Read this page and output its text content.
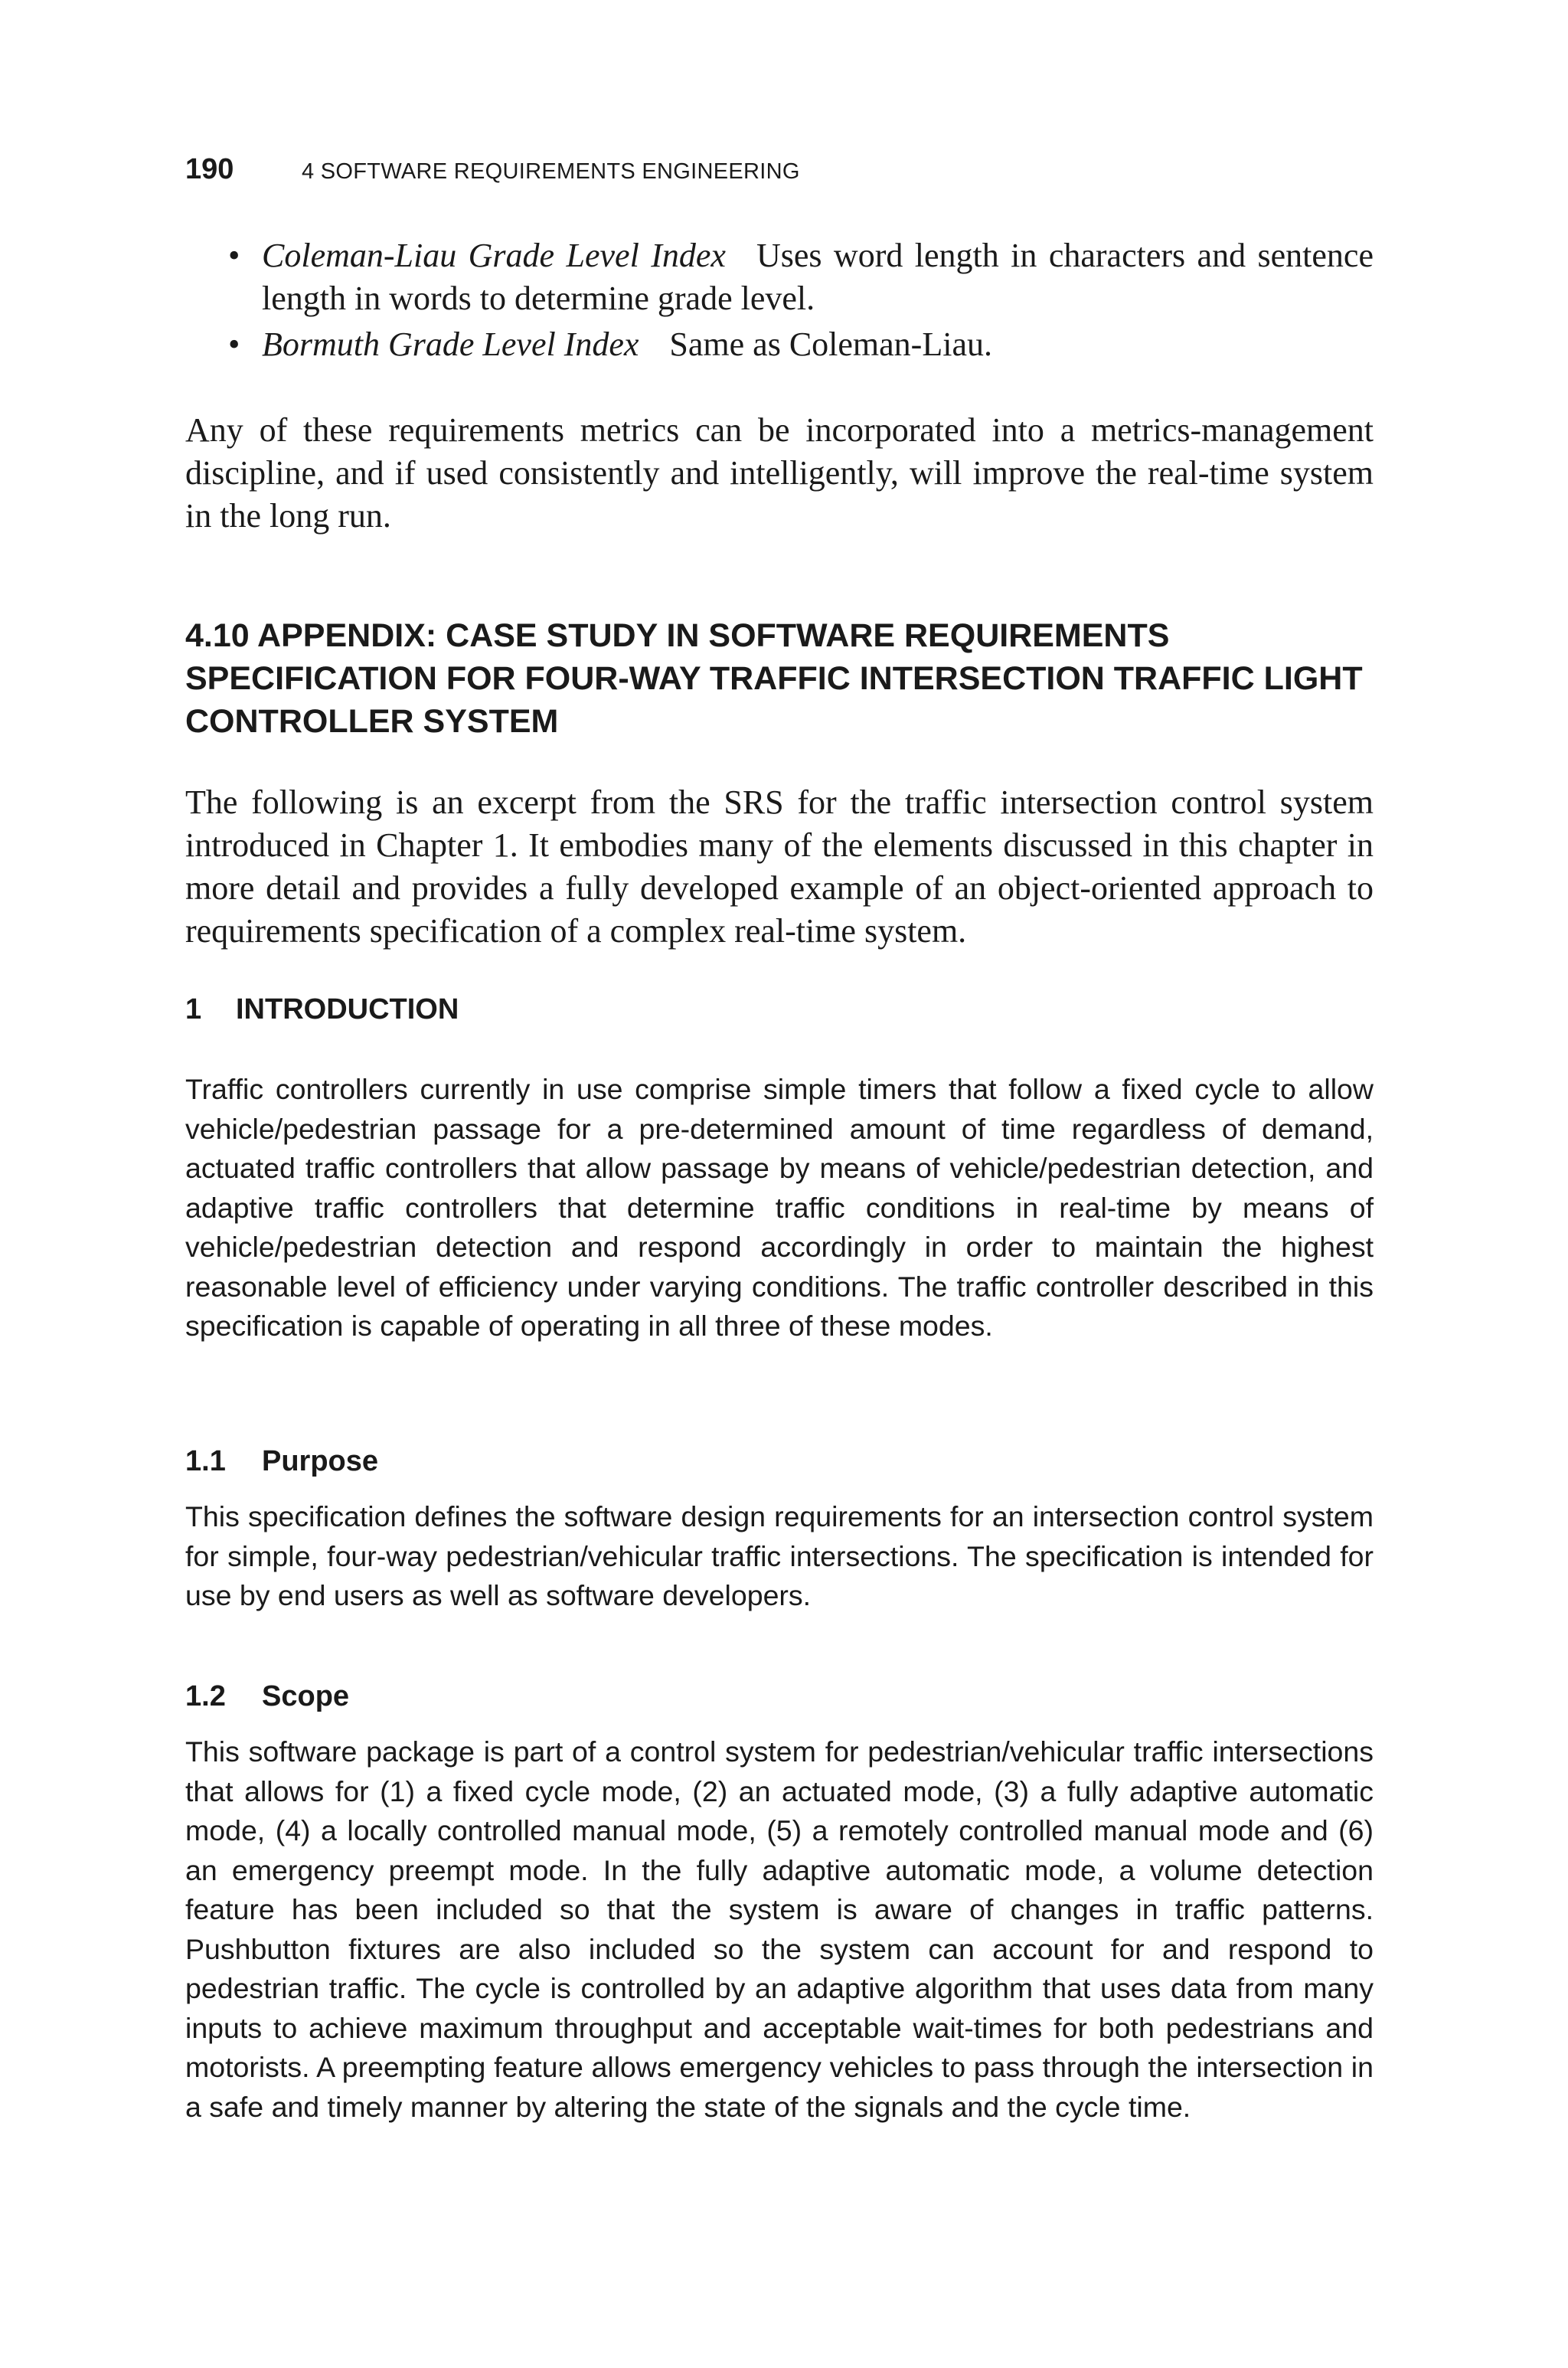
190	4 SOFTWARE REQUIREMENTS ENGINEERING
• Coleman-Liau Grade Level Index Uses word length in characters and sentence length in words to determine grade level.
• Bormuth Grade Level Index Same as Coleman-Liau.

Any of these requirements metrics can be incorporated into a metrics-management discipline, and if used consistently and intelligently, will improve the real-time system in the long run.

4.10 APPENDIX: CASE STUDY IN SOFTWARE REQUIREMENTS SPECIFICATION FOR FOUR-WAY TRAFFIC INTERSECTION TRAFFIC LIGHT CONTROLLER SYSTEM

The following is an excerpt from the SRS for the traffic intersection control system introduced in Chapter 1. It embodies many of the elements discussed in this chapter in more detail and provides a fully developed example of an object-oriented approach to requirements specification of a complex real-time system.

1 INTRODUCTION

Traffic controllers currently in use comprise simple timers that follow a fixed cycle to allow vehicle/pedestrian passage for a pre-determined amount of time regardless of demand, actuated traffic controllers that allow passage by means of vehicle/pedestrian detection, and adaptive traffic controllers that determine traffic conditions in real-time by means of vehicle/pedestrian detection and respond accordingly in order to maintain the highest reasonable level of efficiency under varying conditions. The traffic controller described in this specification is capable of operating in all three of these modes.

1.1 Purpose

This specification defines the software design requirements for an intersection control system for simple, four-way pedestrian/vehicular traffic intersections. The specification is intended for use by end users as well as software developers.

1.2 Scope

This software package is part of a control system for pedestrian/vehicular traffic intersections that allows for (1) a fixed cycle mode, (2) an actuated mode, (3) a fully adaptive automatic mode, (4) a locally controlled manual mode, (5) a remotely controlled manual mode and (6) an emergency preempt mode. In the fully adaptive automatic mode, a volume detection feature has been included so that the system is aware of changes in traffic patterns. Pushbutton fixtures are also included so the system can account for and respond to pedestrian traffic. The cycle is controlled by an adaptive algorithm that uses data from many inputs to achieve maximum throughput and acceptable wait-times for both pedestrians and motorists. A preempting feature allows emergency vehicles to pass through the intersection in a safe and timely manner by altering the state of the signals and the cycle time.
